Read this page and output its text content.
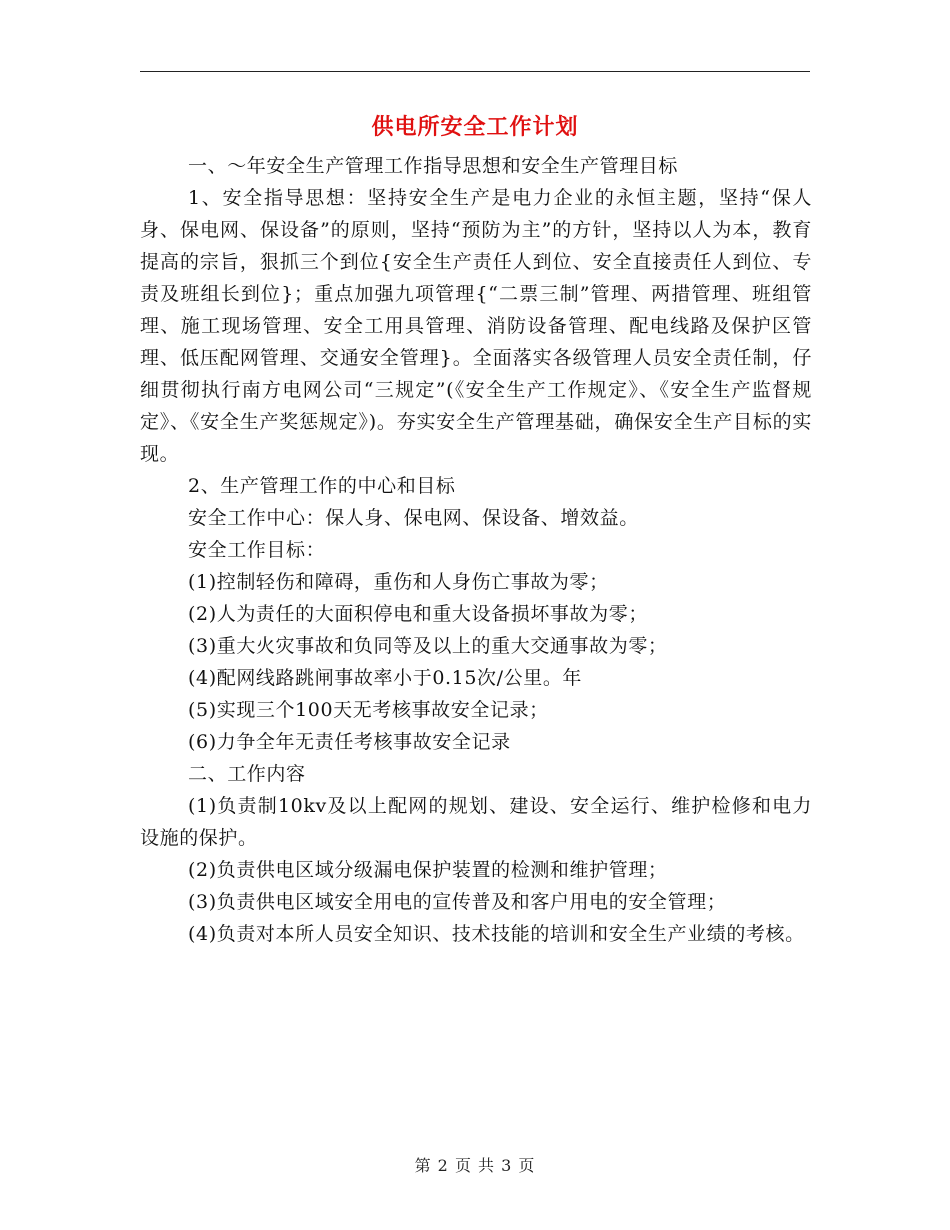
供电所安全工作计划

一、～年安全生产管理工作指导思想和安全生产管理目标

1、安全指导思想：坚持安全生产是电力企业的永恒主题，坚持“保人身、保电网、保设备”的原则，坚持“预防为主”的方针，坚持以人为本，教育提高的宗旨，狠抓三个到位{安全生产责任人到位、安全直接责任人到位、专责及班组长到位}；重点加强九项管理{“二票三制”管理、两措管理、班组管理、施工现场管理、安全工用具管理、消防设备管理、配电线路及保护区管理、低压配网管理、交通安全管理}。全面落实各级管理人员安全责任制，仔细贯彻执行南方电网公司“三规定”(《安全生产工作规定》、《安全生产监督规定》、《安全生产奖惩规定》)。夯实安全生产管理基础，确保安全生产目标的实现。

2、生产管理工作的中心和目标

安全工作中心：保人身、保电网、保设备、增效益。

安全工作目标：

(1)控制轻伤和障碍，重伤和人身伤亡事故为零；

(2)人为责任的大面积停电和重大设备损坏事故为零；

(3)重大火灾事故和负同等及以上的重大交通事故为零；

(4)配网线路跳闸事故率小于0.15次/公里。年

(5)实现三个100天无考核事故安全记录；

(6)力争全年无责任考核事故安全记录

二、工作内容

(1)负责制10kv及以上配网的规划、建设、安全运行、维护检修和电力设施的保护。

(2)负责供电区域分级漏电保护装置的检测和维护管理；

(3)负责供电区域安全用电的宣传普及和客户用电的安全管理；

(4)负责对本所人员安全知识、技术技能的培训和安全生产业绩的考核。

第 2 页 共 3 页
